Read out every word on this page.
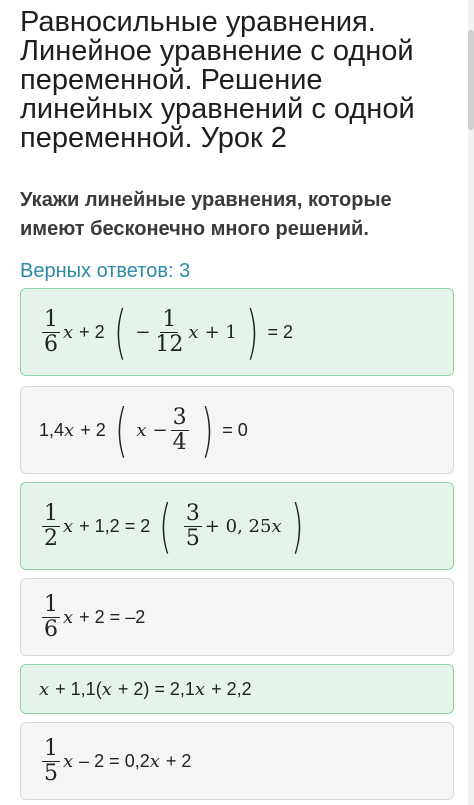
Равносильные уравнения.
Линейное уравнение с одной
переменной. Решение
линейных уравнений с одной
переменной. Урок 2
Укажи линейные уравнения, которые
имеют бесконечно много решений.
Верных ответов: 3
$\frac{1}{6}$ x + 2 ( − $\frac{1}{12}$ x + 1 ) = 2
1,4 x + 2 ( $x - \frac{3}{4}$ ) = 0
$\frac{1}{2}$ x + 1,2 = 2 ( $\frac{3}{5} + 0$, 25 x )
$\frac{1}{6}$ x + 2 = –2
x + 1,1( x + 2) = 2,1 x + 2,2
$\frac{1}{5}$ x – 2 = 0,2 x + 2
